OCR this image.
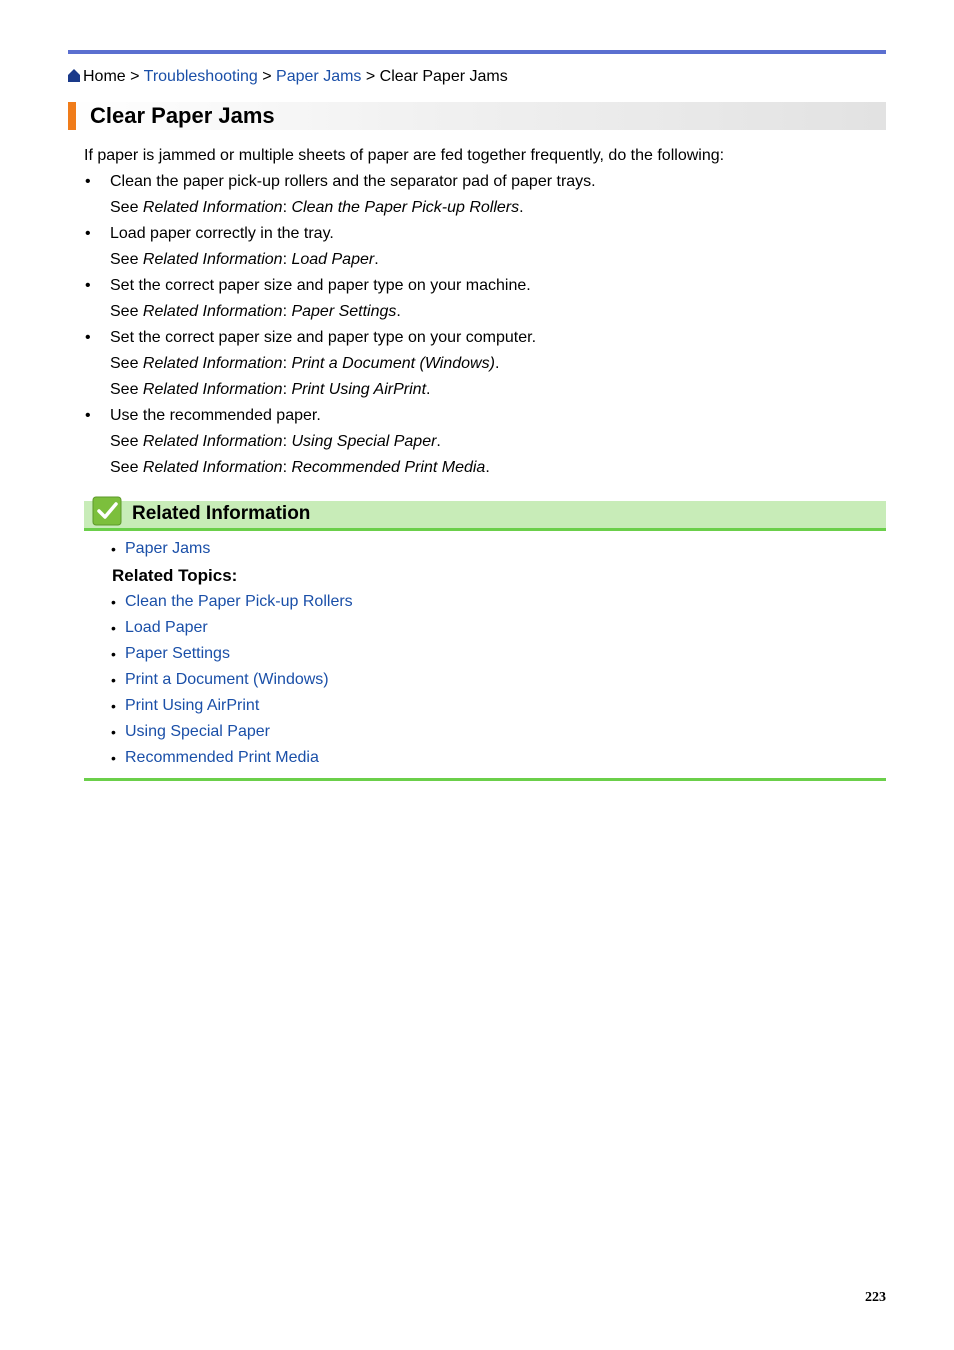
Home > Troubleshooting > Paper Jams > Clear Paper Jams
Clear Paper Jams
If paper is jammed or multiple sheets of paper are fed together frequently, do the following:
• Clean the paper pick-up rollers and the separator pad of paper trays.
See Related Information: Clean the Paper Pick-up Rollers.
• Load paper correctly in the tray.
See Related Information: Load Paper.
• Set the correct paper size and paper type on your machine.
See Related Information: Paper Settings.
• Set the correct paper size and paper type on your computer.
See Related Information: Print a Document (Windows).
See Related Information: Print Using AirPrint.
• Use the recommended paper.
See Related Information: Using Special Paper.
See Related Information: Recommended Print Media.
Related Information
• Paper Jams
Related Topics:
• Clean the Paper Pick-up Rollers
• Load Paper
• Paper Settings
• Print a Document (Windows)
• Print Using AirPrint
• Using Special Paper
• Recommended Print Media
223
